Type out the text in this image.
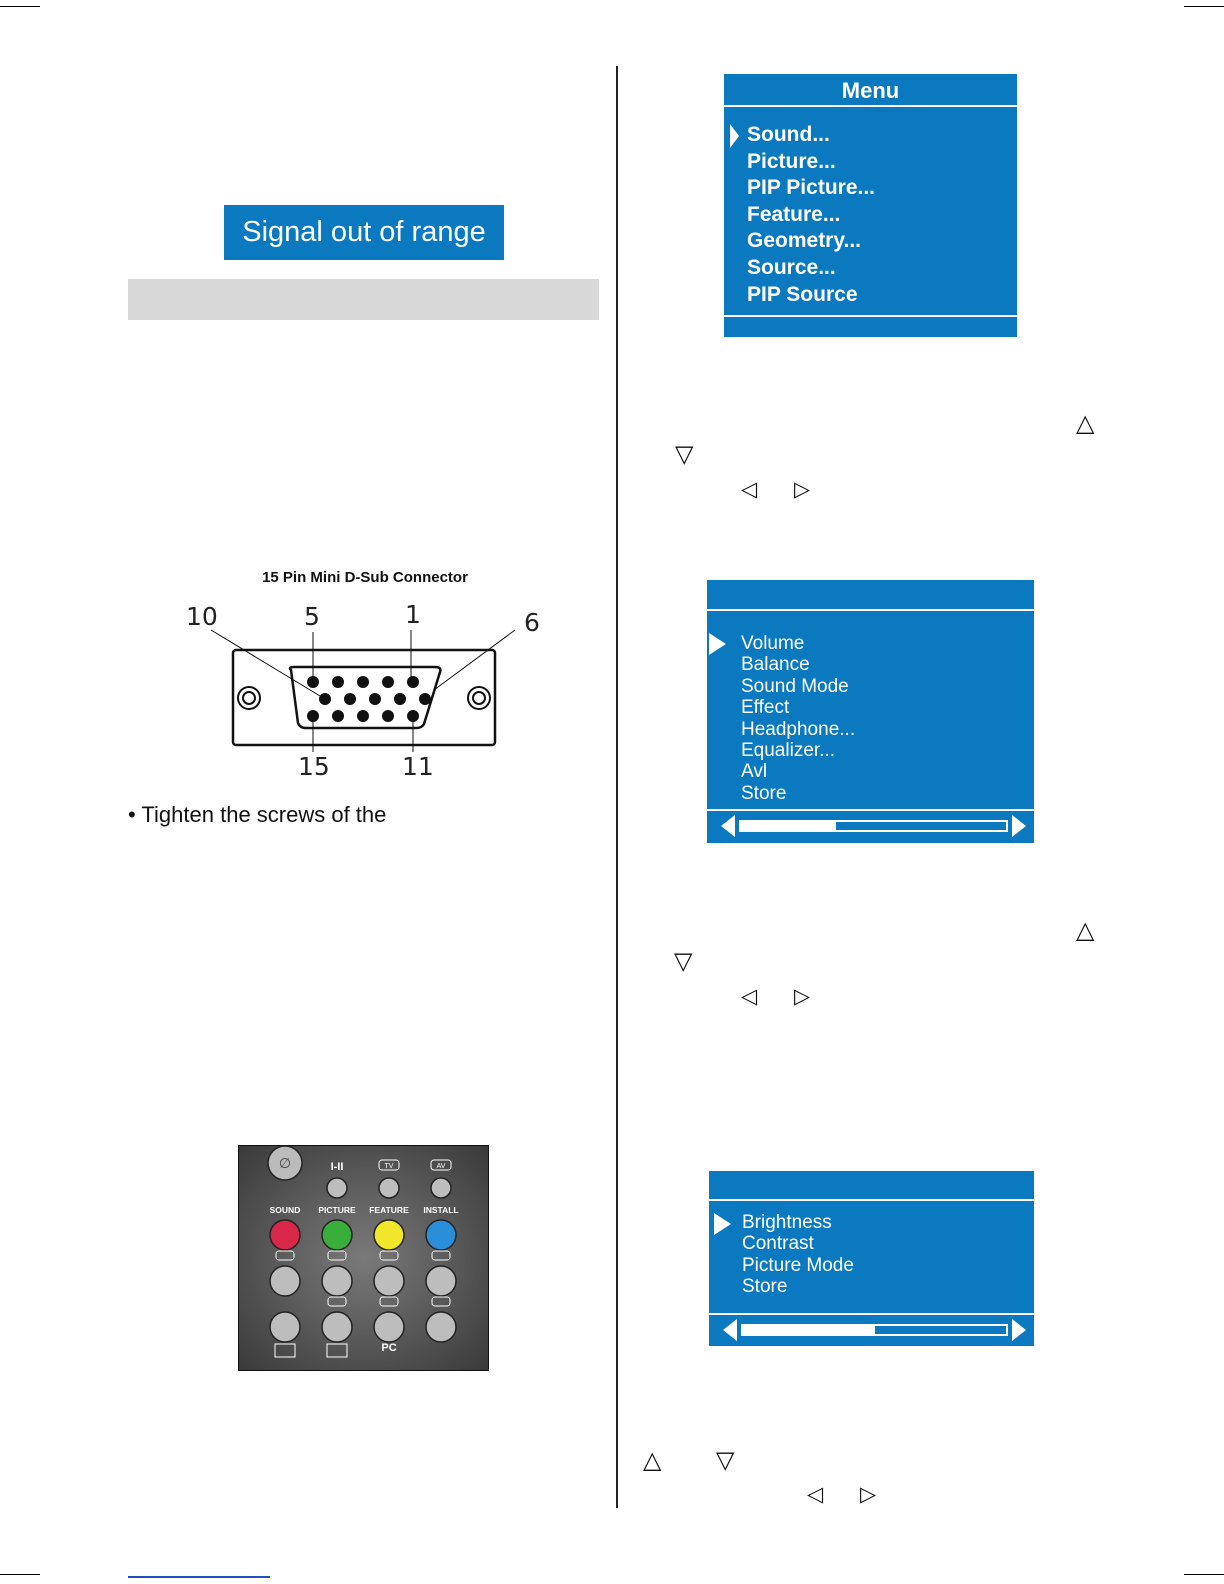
Signal out of range
15 Pin Mini D-Sub Connector
10	5	1	6
15	11
• Tighten the screws of the
∅
SOUND PICTURE FEATURE INSTALL
I-II
PC
TV	AV
Menu
Sound...
Picture...
PIP Picture...
Feature...
Geometry...
Source...
PIP Source
△
▽
◁ ▷
Volume
Balance
Sound Mode
Effect
Headphone...
Equalizer...
Avl
Store
△
▽
◁ ▷
Brightness
Contrast
Picture Mode
Store
△ ▽
◁ ▷
